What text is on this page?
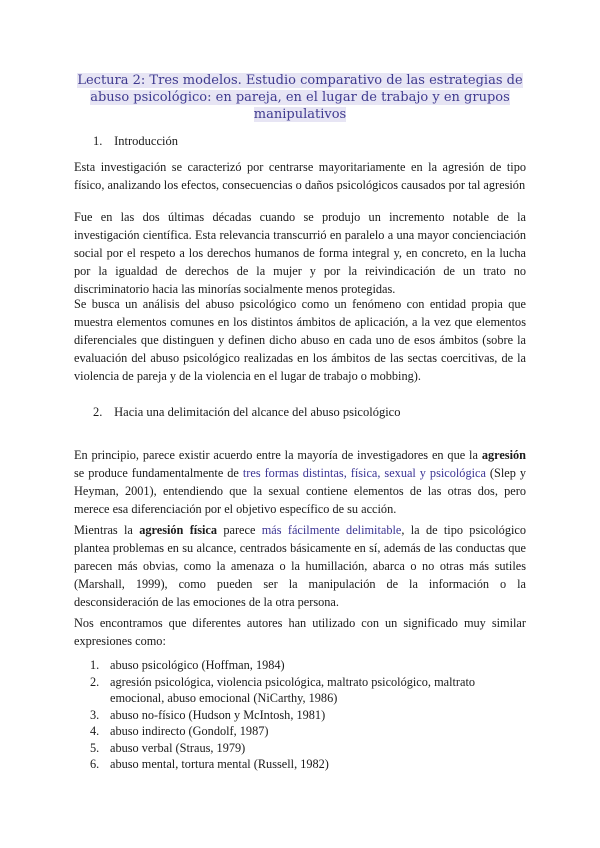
Lectura 2: Tres modelos. Estudio comparativo de las estrategias de abuso psicológico: en pareja, en el lugar de trabajo y en grupos manipulativos
1. Introducción

Esta investigación se caracterizó por centrarse mayoritariamente en la agresión de tipo físico, analizando los efectos, consecuencias o daños psicológicos causados por tal agresión

Fue en las dos últimas décadas cuando se produjo un incremento notable de la investigación científica. Esta relevancia transcurrió en paralelo a una mayor concienciación social por el respeto a los derechos humanos de forma integral y, en concreto, en la lucha por la igualdad de derechos de la mujer y por la reivindicación de un trato no discriminatorio hacia las minorías socialmente menos protegidas.

Se busca un análisis del abuso psicológico como un fenómeno con entidad propia que muestra elementos comunes en los distintos ámbitos de aplicación, a la vez que elementos diferenciales que distinguen y definen dicho abuso en cada uno de esos ámbitos (sobre la evaluación del abuso psicológico realizadas en los ámbitos de las sectas coercitivas, de la violencia de pareja y de la violencia en el lugar de trabajo o mobbing).

2. Hacia una delimitación del alcance del abuso psicológico

En principio, parece existir acuerdo entre la mayoría de investigadores en que la agresión se produce fundamentalmente de tres formas distintas, física, sexual y psicológica (Slep y Heyman, 2001), entendiendo que la sexual contiene elementos de las otras dos, pero merece esa diferenciación por el objetivo específico de su acción.

Mientras la agresión física parece más fácilmente delimitable, la de tipo psicológico plantea problemas en su alcance, centrados básicamente en sí, además de las conductas que parecen más obvias, como la amenaza o la humillación, abarca o no otras más sutiles (Marshall, 1999), como pueden ser la manipulación de la información o la desconsideración de las emociones de la otra persona.

Nos encontramos que diferentes autores han utilizado con un significado muy similar expresiones como:

1. abuso psicológico (Hoffman, 1984)
2. agresión psicológica, violencia psicológica, maltrato psicológico, maltrato emocional, abuso emocional (NiCarthy, 1986)
3. abuso no-físico (Hudson y McIntosh, 1981)
4. abuso indirecto (Gondolf, 1987)
5. abuso verbal (Straus, 1979)
6. abuso mental, tortura mental (Russell, 1982)
